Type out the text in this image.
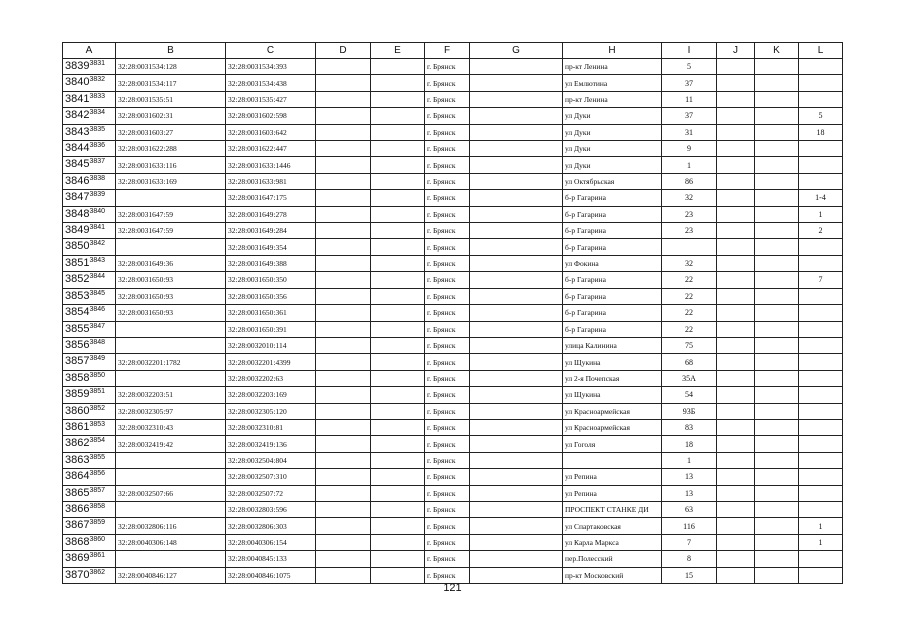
A	B	C	D	E	F	G	H	I	J	K	L
$3839^{3831}$	32:28:0031534:128	32:28:0031534:393			г. Брянск		пр-кт Ленина	5			
$3840^{3832}$	32:28:0031534:117	32:28:0031534:438			г. Брянск		ул Емлютина	37			
$3841^{3833}$	32:28:0031535:51	32:28:0031535:427			г. Брянск		пр-кт Ленина	11			
$3842^{3834}$	32:28:0031602:31	32:28:0031602:598			г. Брянск		ул Дуки	37			5
$3843^{3835}$	32:28:0031603:27	32:28:0031603:642			г. Брянск		ул Дуки	31			18
$3844^{3836}$	32:28:0031622:288	32:28:0031622:447			г. Брянск		ул Дуки	9			
$3845^{3837}$	32:28:0031633:116	32:28:0031633:1446			г. Брянск		ул Дуки	1			
$3846^{3838}$	32:28:0031633:169	32:28:0031633:981			г. Брянск		ул Октябрьская	86			
$3847^{3839}$		32:28:0031647:175			г. Брянск		б-р Гагарина	32			1-4
$3848^{3840}$	32:28:0031647:59	32:28:0031649:278			г. Брянск		б-р Гагарина	23			1
$3849^{3841}$	32:28:0031647:59	32:28:0031649:284			г. Брянск		б-р Гагарина	23			2
$3850^{3842}$		32:28:0031649:354			г. Брянск		б-р Гагарина				
$3851^{3843}$	32:28:0031649:36	32:28:0031649:388			г. Брянск		ул Фокина	32			
$3852^{3844}$	32:28:0031650:93	32:28:0031650:350			г. Брянск		б-р Гагарина	22			7
$3853^{3845}$	32:28:0031650:93	32:28:0031650:356			г. Брянск		б-р Гагарина	22			
$3854^{3846}$	32:28:0031650:93	32:28:0031650:361			г. Брянск		б-р Гагарина	22			
$3855^{3847}$		32:28:0031650:391			г. Брянск		б-р Гагарина	22			
$3856^{3848}$		32:28:0032010:114			г. Брянск		улица Калинина	75			
$3857^{3849}$	32:28:0032201:1782	32:28:0032201:4399			г. Брянск		ул Щукина	68			
$3858^{3850}$		32:28:0032202:63			г. Брянск		ул 2-я Почепская	35А			
$3859^{3851}$	32:28:0032203:51	32:28:0032203:169			г. Брянск		ул Щукина	54			
$3860^{3852}$	32:28:0032305:97	32:28:0032305:120			г. Брянск		ул Красноармейская	93Б			
$3861^{3853}$	32:28:0032310:43	32:28:0032310:81			г. Брянск		ул Красноармейская	83			
$3862^{3854}$	32:28:0032419:42	32:28:0032419:136			г. Брянск		ул Гоголя	18			
$3863^{3855}$		32:28:0032504:804			г. Брянск			1			
$3864^{3856}$		32:28:0032507:310			г. Брянск		ул Репина	13			
$3865^{3857}$	32:28:0032507:66	32:28:0032507:72			г. Брянск		ул Репина	13			
$3866^{3858}$		32:28:0032803:596			г. Брянск		ПРОСПЕКТ СТАНКЕ ДИ	63			
$3867^{3859}$	32:28:0032806:116	32:28:0032806:303			г. Брянск		ул Спартаковская	116			1
$3868^{3860}$	32:28:0040306:148	32:28:0040306:154			г. Брянск		ул Карла Маркса	7			1
$3869^{3861}$		32:28:0040845:133			г. Брянск		пер.Полесский	8			
$3870^{3862}$	32:28:0040846:127	32:28:0040846:1075			г. Брянск		пр-кт Московский	15			
121
